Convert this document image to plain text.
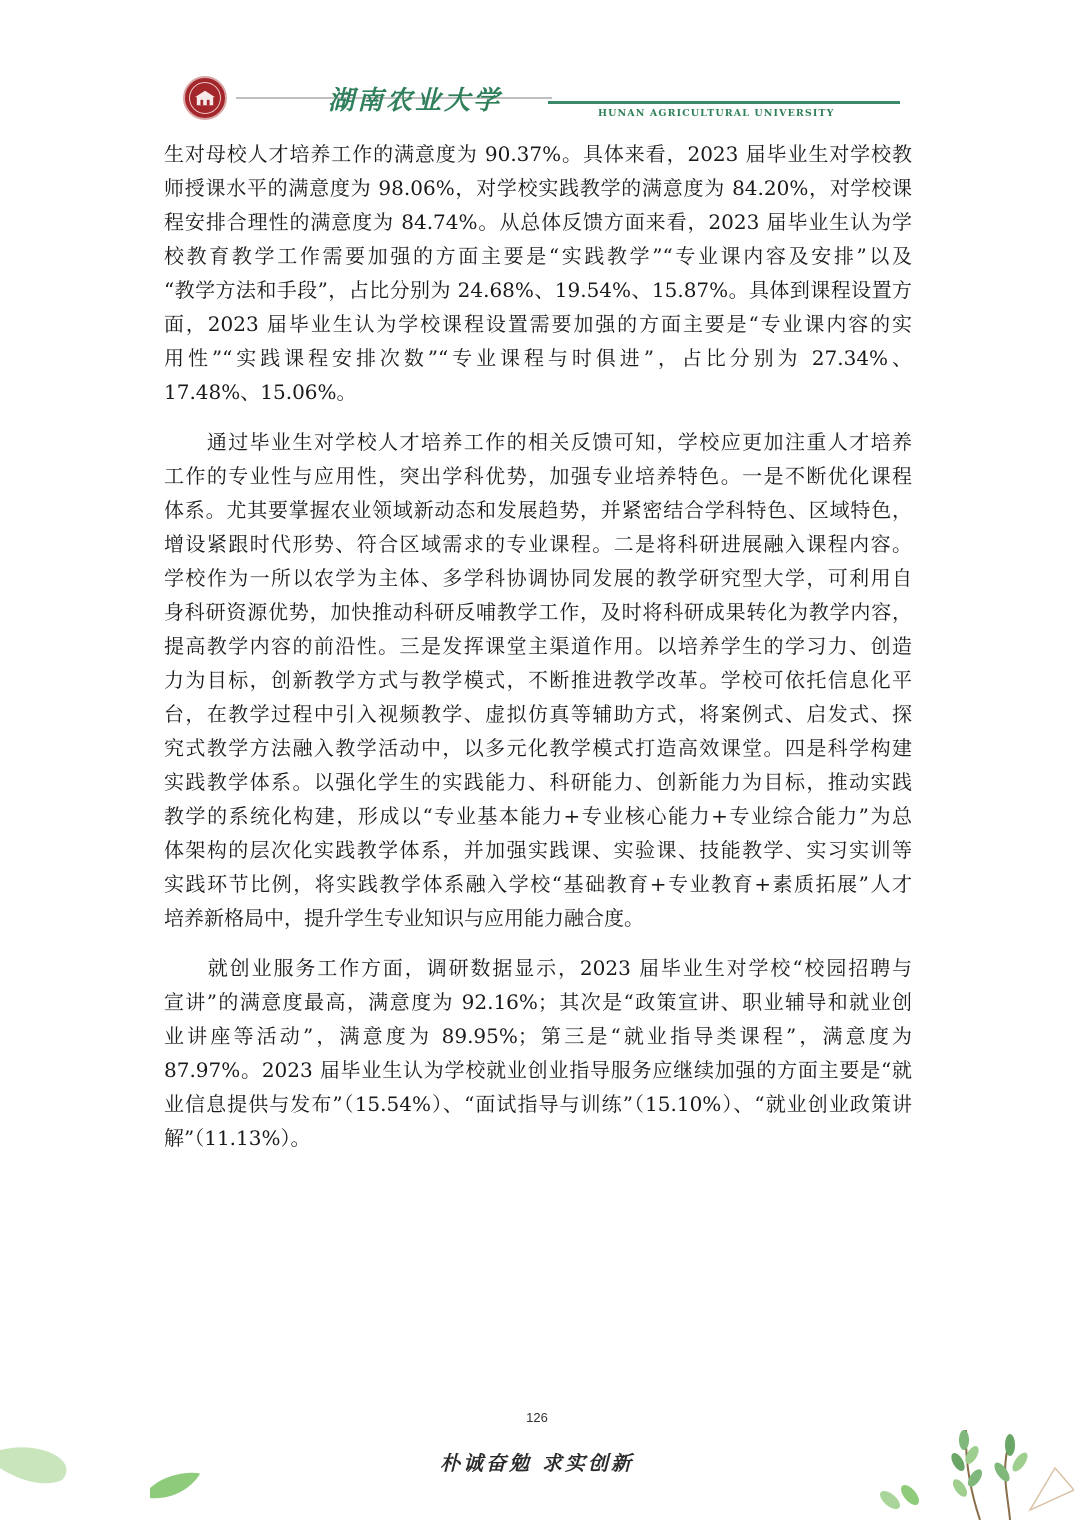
湖南农业大学	HUNAN AGRICULTURAL UNIVERSITY
生对母校人才培养工作的满意度为 90.37%。具体来看，2023 届毕业生对学校教
师授课水平的满意度为 98.06%，对学校实践教学的满意度为 84.20%，对学校课
程安排合理性的满意度为 84.74%。从总体反馈方面来看，2023 届毕业生认为学
校教育教学工作需要加强的方面主要是“实践教学”“专业课内容及安排”以及
“教学方法和手段”，占比分别为 24.68%、19.54%、15.87%。具体到课程设置方
面，2023 届毕业生认为学校课程设置需要加强的方面主要是“专业课内容的实
用性”“实践课程安排次数”“专业课程与时俱进”，占比分别为 27.34%、
17.48%、15.06%。
　　通过毕业生对学校人才培养工作的相关反馈可知，学校应更加注重人才培养
工作的专业性与应用性，突出学科优势，加强专业培养特色。一是不断优化课程
体系。尤其要掌握农业领域新动态和发展趋势，并紧密结合学科特色、区域特色，
增设紧跟时代形势、符合区域需求的专业课程。二是将科研进展融入课程内容。
学校作为一所以农学为主体、多学科协调协同发展的教学研究型大学，可利用自
身科研资源优势，加快推动科研反哺教学工作，及时将科研成果转化为教学内容，
提高教学内容的前沿性。三是发挥课堂主渠道作用。以培养学生的学习力、创造
力为目标，创新教学方式与教学模式，不断推进教学改革。学校可依托信息化平
台，在教学过程中引入视频教学、虚拟仿真等辅助方式，将案例式、启发式、探
究式教学方法融入教学活动中，以多元化教学模式打造高效课堂。四是科学构建
实践教学体系。以强化学生的实践能力、科研能力、创新能力为目标，推动实践
教学的系统化构建，形成以“专业基本能力+专业核心能力+专业综合能力”为总
体架构的层次化实践教学体系，并加强实践课、实验课、技能教学、实习实训等
实践环节比例，将实践教学体系融入学校“基础教育+专业教育+素质拓展”人才
培养新格局中，提升学生专业知识与应用能力融合度。
　　就创业服务工作方面，调研数据显示，2023 届毕业生对学校“校园招聘与
宣讲”的满意度最高，满意度为 92.16%；其次是“政策宣讲、职业辅导和就业创
业讲座等活动”，满意度为 89.95%；第三是“就业指导类课程”，满意度为
87.97%。2023 届毕业生认为学校就业创业指导服务应继续加强的方面主要是“就
业信息提供与发布”（15.54%）、“面试指导与训练”（15.10%）、“就业创业政策讲
解”（11.13%）。
126
朴诚奋勉 求实创新
